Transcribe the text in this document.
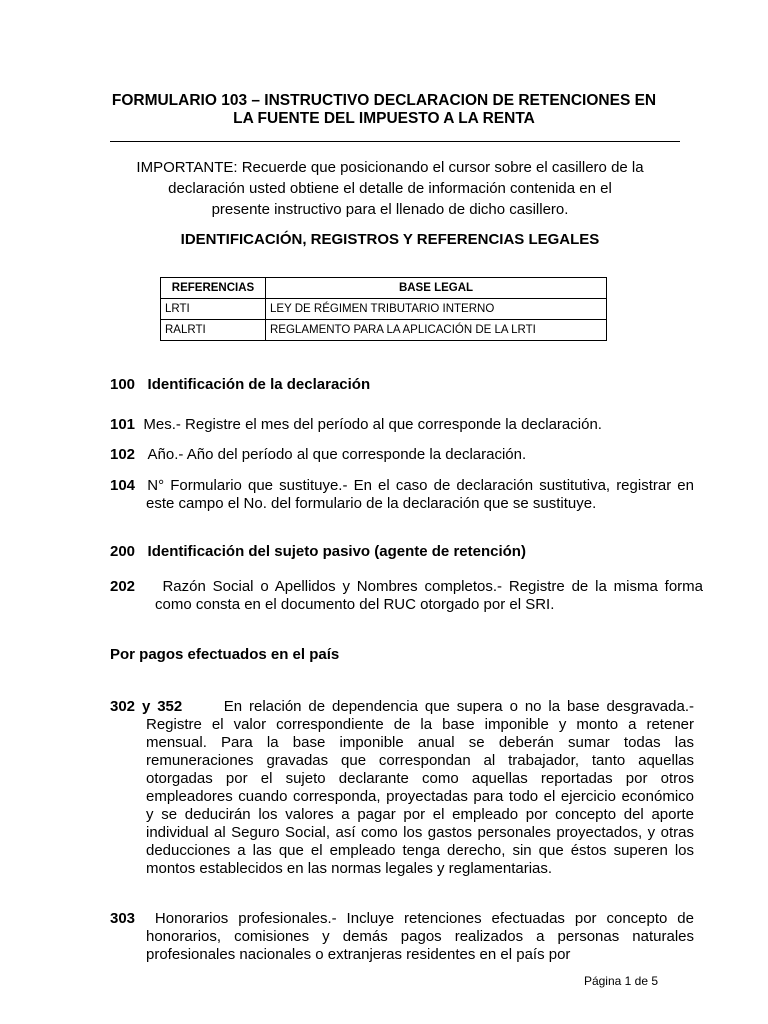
FORMULARIO 103 – INSTRUCTIVO DECLARACION DE RETENCIONES EN
LA FUENTE DEL IMPUESTO A LA RENTA
IMPORTANTE: Recuerde que posicionando el cursor sobre el casillero de la
declaración usted obtiene el detalle de información contenida en el
presente instructivo para el llenado de dicho casillero.
IDENTIFICACIÓN, REGISTROS Y REFERENCIAS LEGALES
REFERENCIAS	BASE LEGAL
LRTI	LEY DE RÉGIMEN TRIBUTARIO INTERNO
RALRTI	REGLAMENTO PARA LA APLICACIÓN DE LA LRTI
100 Identificación de la declaración
101 Mes.- Registre el mes del período al que corresponde la declaración.
102 Año.- Año del período al que corresponde la declaración.
104 N° Formulario que sustituye.- En el caso de declaración sustitutiva, registrar en este campo el No. del formulario de la declaración que se sustituye.
200 Identificación del sujeto pasivo (agente de retención)
202 Razón Social o Apellidos y Nombres completos.- Registre de la misma forma como consta en el documento del RUC otorgado por el SRI.
Por pagos efectuados en el país
302 y 352	En relación de dependencia que supera o no la base desgravada.- Registre el valor correspondiente de la base imponible y monto a retener mensual. Para la base imponible anual se deberán sumar todas las remuneraciones gravadas que correspondan al trabajador, tanto aquellas otorgadas por el sujeto declarante como aquellas reportadas por otros empleadores cuando corresponda, proyectadas para todo el ejercicio económico y se deducirán los valores a pagar por el empleado por concepto del aporte individual al Seguro Social, así como los gastos personales proyectados, y otras deducciones a las que el empleado tenga derecho, sin que éstos superen los montos establecidos en las normas legales y reglamentarias.
303 Honorarios profesionales.- Incluye retenciones efectuadas por concepto de honorarios, comisiones y demás pagos realizados a personas naturales profesionales nacionales o extranjeras residentes en el país por
Página 1 de 5
